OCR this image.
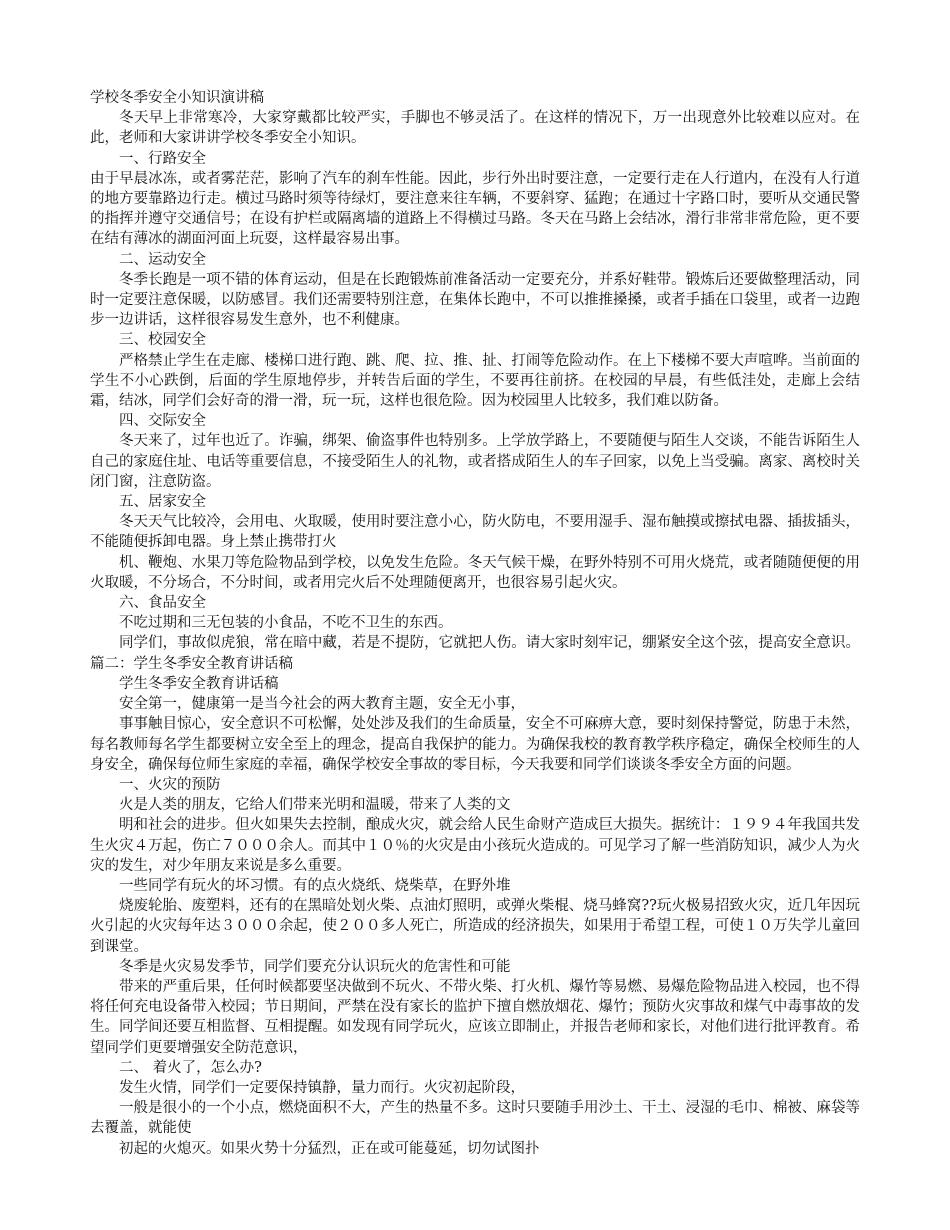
学校冬季安全小知识演讲稿

冬天早上非常寒冷，大家穿戴都比较严实，手脚也不够灵活了。在这样的情况下，万一出现意外比较难以应对。在此，老师和大家讲讲学校冬季安全小知识。

一、行路安全

由于早晨冰冻，或者雾茫茫，影响了汽车的刹车性能。因此，步行外出时要注意，一定要行走在人行道内，在没有人行道的地方要靠路边行走。横过马路时须等待绿灯，要注意来往车辆，不要斜穿、猛跑；在通过十字路口时，要听从交通民警的指挥并遵守交通信号；在设有护栏或隔离墙的道路上不得横过马路。冬天在马路上会结冰，滑行非常非常危险，更不要在结有薄冰的湖面河面上玩耍，这样最容易出事。

二、运动安全

冬季长跑是一项不错的体育运动，但是在长跑锻炼前准备活动一定要充分，并系好鞋带。锻炼后还要做整理活动，同时一定要注意保暖，以防感冒。我们还需要特别注意，在集体长跑中，不可以推推搡搡，或者手插在口袋里，或者一边跑步一边讲话，这样很容易发生意外，也不利健康。

三、校园安全

严格禁止学生在走廊、楼梯口进行跑、跳、爬、拉、推、扯、打闹等危险动作。在上下楼梯不要大声喧哗。当前面的学生不小心跌倒，后面的学生原地停步，并转告后面的学生，不要再往前挤。在校园的早晨，有些低洼处，走廊上会结霜，结冰，同学们会好奇的滑一滑，玩一玩，这样也很危险。因为校园里人比较多，我们难以防备。

四、交际安全

冬天来了，过年也近了。诈骗，绑架、偷盗事件也特别多。上学放学路上，不要随便与陌生人交谈，不能告诉陌生人自己的家庭住址、电话等重要信息，不接受陌生人的礼物，或者搭成陌生人的车子回家，以免上当受骗。离家、离校时关闭门窗，注意防盗。

五、居家安全

冬天天气比较冷，会用电、火取暖，使用时要注意小心，防火防电，不要用湿手、湿布触摸或擦拭电器、插拔插头，不能随便拆卸电器。身上禁止携带打火

机、鞭炮、水果刀等危险物品到学校，以免发生危险。冬天气候干燥，在野外特别不可用火烧荒，或者随随便便的用火取暖，不分场合，不分时间，或者用完火后不处理随便离开，也很容易引起火灾。

六、食品安全

不吃过期和三无包装的小食品，不吃不卫生的东西。

同学们，事故似虎狼，常在暗中藏，若是不提防，它就把人伤。请大家时刻牢记，绷紧安全这个弦，提高安全意识。篇二：学生冬季安全教育讲话稿

学生冬季安全教育讲话稿

安全第一，健康第一是当今社会的两大教育主题，安全无小事，

事事触目惊心，安全意识不可松懈，处处涉及我们的生命质量，安全不可麻痹大意，要时刻保持警觉，防患于未然，每名教师每名学生都要树立安全至上的理念，提高自我保护的能力。为确保我校的教育教学秩序稳定，确保全校师生的人身安全，确保每位师生家庭的幸福，确保学校安全事故的零目标，今天我要和同学们谈谈冬季安全方面的问题。

一、火灾的预防

火是人类的朋友，它给人们带来光明和温暖，带来了人类的文

明和社会的进步。但火如果失去控制，酿成火灾，就会给人民生命财产造成巨大损失。据统计：１９９４年我国共发生火灾４万起，伤亡７０００余人。而其中１０％的火灾是由小孩玩火造成的。可见学习了解一些消防知识，减少人为火灾的发生，对少年朋友来说是多么重要。

一些同学有玩火的坏习惯。有的点火烧纸、烧柴草，在野外堆

烧废轮胎、废塑料，还有的在黑暗处划火柴、点油灯照明，或弹火柴棍、烧马蜂窝??玩火极易招致火灾，近几年因玩火引起的火灾每年达３０００余起，使２００多人死亡，所造成的经济损失，如果用于希望工程，可使１０万失学儿童回到课堂。

冬季是火灾易发季节，同学们要充分认识玩火的危害性和可能

带来的严重后果，任何时候都要坚决做到不玩火、不带火柴、打火机、爆竹等易燃、易爆危险物品进入校园，也不得将任何充电设备带入校园；节日期间，严禁在没有家长的监护下擅自燃放烟花、爆竹；预防火灾事故和煤气中毒事故的发生。同学间还要互相监督、互相提醒。如发现有同学玩火，应该立即制止，并报告老师和家长，对他们进行批评教育。希望同学们更要增强安全防范意识，

二、 着火了，怎么办?

发生火情，同学们一定要保持镇静，量力而行。火灾初起阶段，

一般是很小的一个小点，燃烧面积不大，产生的热量不多。这时只要随手用沙土、干土、浸湿的毛巾、棉被、麻袋等去覆盖，就能使

初起的火熄灭。如果火势十分猛烈，正在或可能蔓延，切勿试图扑
